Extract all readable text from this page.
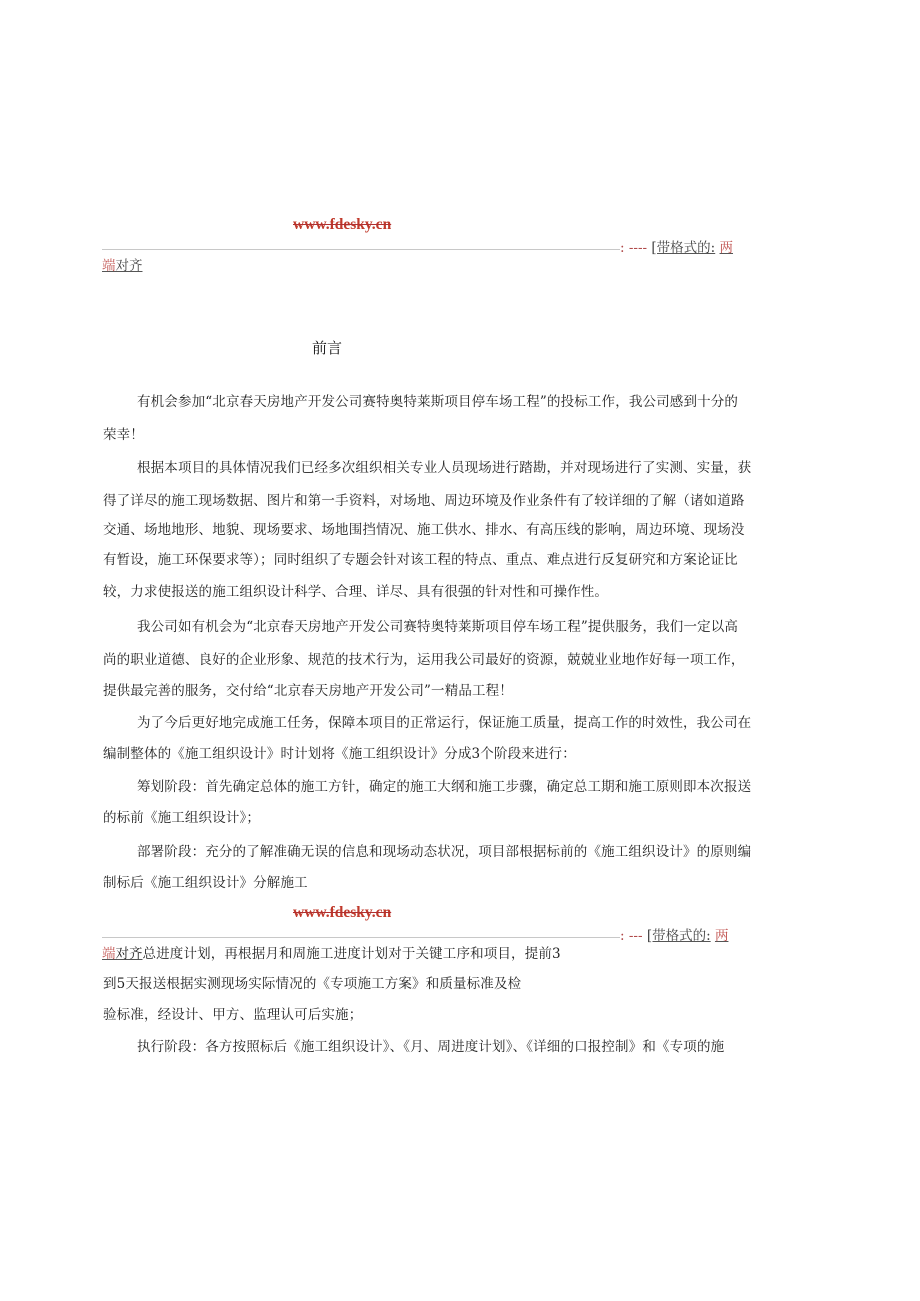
www.fdesky.cn
: ---- [带格式的: 两
端对齐
前言
有机会参加“北京春天房地产开发公司赛特奥特莱斯项目停车场工程”的投标工作，我公司感到十分的
荣幸！
根据本项目的具体情况我们已经多次组织相关专业人员现场进行踏勘，并对现场进行了实测、实量，获
得了详尽的施工现场数据、图片和第一手资料，对场地、周边环境及作业条件有了较详细的了解（诸如道路
交通、场地地形、地貌、现场要求、场地围挡情况、施工供水、排水、有高压线的影响，周边环境、现场没
有暂设，施工环保要求等）；同时组织了专题会针对该工程的特点、重点、难点进行反复研究和方案论证比
较，力求使报送的施工组织设计科学、合理、详尽、具有很强的针对性和可操作性。
我公司如有机会为“北京春天房地产开发公司赛特奥特莱斯项目停车场工程”提供服务，我们一定以高
尚的职业道德、良好的企业形象、规范的技术行为，运用我公司最好的资源，兢兢业业地作好每一项工作，
提供最完善的服务，交付给“北京春天房地产开发公司”一精品工程！
为了今后更好地完成施工任务，保障本项目的正常运行，保证施工质量，提高工作的时效性，我公司在
编制整体的《施工组织设计》时计划将《施工组织设计》分成3个阶段来进行：
筹划阶段：首先确定总体的施工方针，确定的施工大纲和施工步骤，确定总工期和施工原则即本次报送
的标前《施工组织设计》；
部署阶段：充分的了解准确无误的信息和现场动态状况，项目部根据标前的《施工组织设计》的原则编
制标后《施工组织设计》分解施工
www.fdesky.cn
: --- [带格式的: 两
端对齐总进度计划，再根据月和周施工进度计划对于关键工序和项目，提前3
到5天报送根据实测现场实际情况的《专项施工方案》和质量标准及检
验标准，经设计、甲方、监理认可后实施；
执行阶段：各方按照标后《施工组织设计》、《月、周进度计划》、《详细的口报控制》和《专项的施
